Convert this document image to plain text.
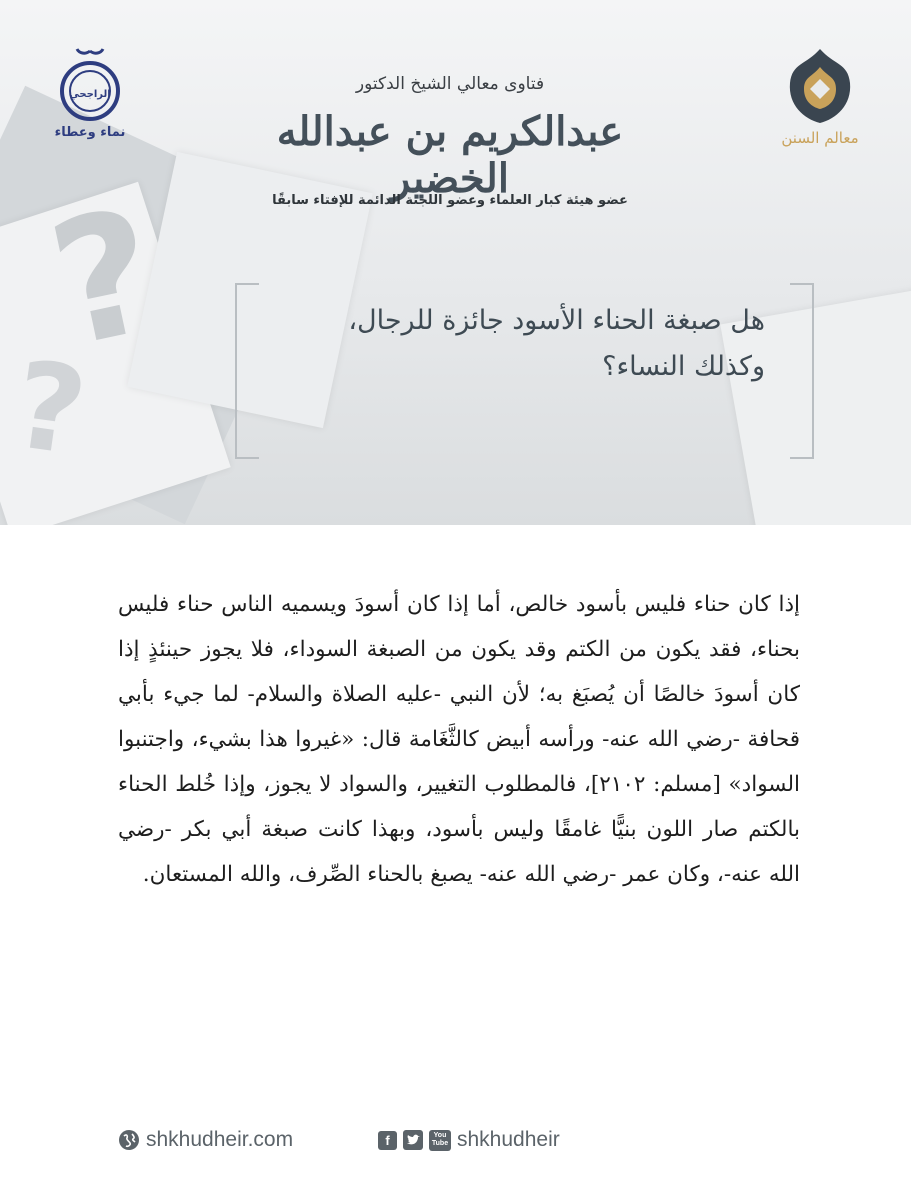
?
?
معالم السنن
الراجحي
نماء وعطاء
فتاوى معالي الشيخ الدكتور
عبدالكريم بن عبدالله الخضير
عضو هيئة كبار العلماء وعضو اللجنة الدائمة للإفتاء سابقًا
هل صبغة الحناء الأسود جائزة للرجال،
وكذلك النساء؟
إذا كان حناء فليس بأسود خالص، أما إذا كان أسودَ ويسميه الناس حناء فليس بحناء، فقد يكون من الكتم وقد يكون من الصبغة السوداء، فلا يجوز حينئذٍ إذا كان أسودَ خالصًا أن يُصبَغ به؛ لأن النبي -عليه الصلاة والسلام- لما جيء بأبي قحافة -رضي الله عنه- ورأسه أبيض كالثَّغَامة قال: «غيروا هذا بشيء، واجتنبوا السواد» [مسلم: ٢١٠٢]، فالمطلوب التغيير، والسواد لا يجوز، وإذا خُلط الحناء بالكتم صار اللون بنيًّا غامقًا وليس بأسود، وبهذا كانت صبغة أبي بكر -رضي الله عنه-، وكان عمر -رضي الله عنه- يصبغ بالحناء الصِّرف، والله المستعان.
shkhudheir.com	f	You
Tube shkhudheir
